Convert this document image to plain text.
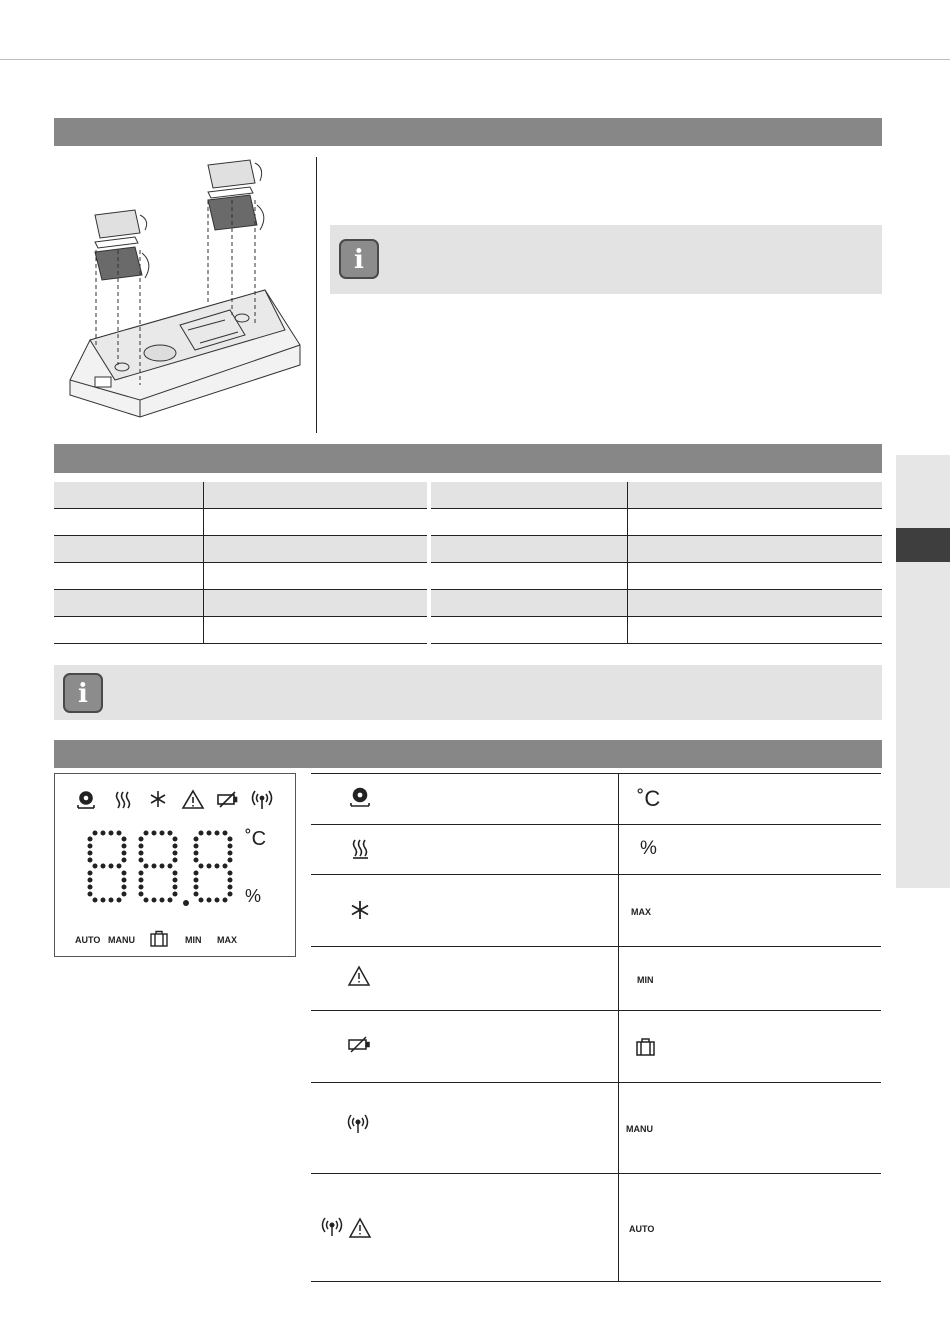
i
i
˚C
%
AUTO MANU	MIN MAX
˚C
%
MAX
MIN
MANU
AUTO
